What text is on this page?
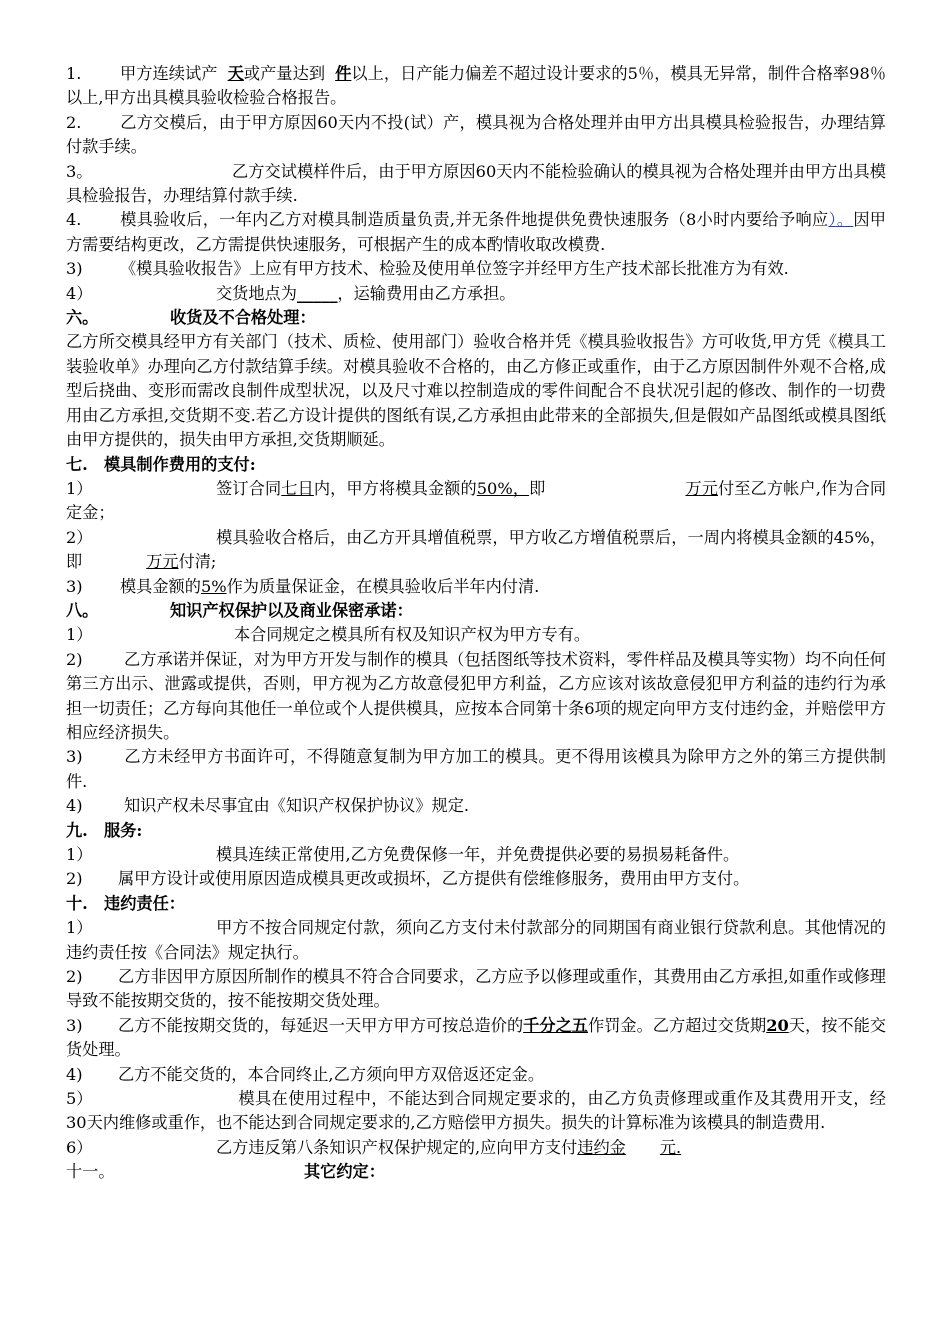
1. 甲方连续试产 天或产量达到 件以上，日产能力偏差不超过设计要求的5％，模具无异常，制件合格率98％以上,甲方出具模具验收检验合格报告。

2. 乙方交模后，由于甲方原因60天内不投(试）产，模具视为合格处理并由甲方出具模具检验报告，办理结算付款手续。

3。	乙方交试模样件后，由于甲方原因60天内不能检验确认的模具视为合格处理并由甲方出具模具检验报告，办理结算付款手续.

4. 模具验收后，一年内乙方对模具制造质量负责,并无条件地提供免费快速服务（8小时内要给予响应）。因甲方需要结构更改，乙方需提供快速服务，可根据产生的成本酌情收取改模费.

3) 《模具验收报告》上应有甲方技术、检验及使用单位签字并经甲方生产技术部长批准方为有效.

4）	交货地点为_____，运输费用由乙方承担。

六。	收货及不合格处理：

乙方所交模具经甲方有关部门（技术、质检、使用部门）验收合格并凭《模具验收报告》方可收货,甲方凭《模具工装验收单》办理向乙方付款结算手续。对模具验收不合格的，由乙方修正或重作，由于乙方原因制件外观不合格,成型后挠曲、变形而需改良制件成型状况，以及尺寸难以控制造成的零件间配合不良状况引起的修改、制作的一切费用由乙方承担,交货期不变.若乙方设计提供的图纸有误,乙方承担由此带来的全部损失,但是假如产品图纸或模具图纸由甲方提供的，损失由甲方承担,交货期顺延。

七.　模具制作费用的支付:

1）	签订合同七日内，甲方将模具金额的50%，即	万元付至乙方帐户,作为合同定金；

2）	模具验收合格后，由乙方开具增值税票，甲方收乙方增值税票后，一周内将模具金额的45%，即	万元付清;

3) 模具金额的5%作为质量保证金，在模具验收后半年内付清.

八。	知识产权保护以及商业保密承诺：

1）	本合同规定之模具所有权及知识产权为甲方专有。

2)	乙方承诺并保证，对为甲方开发与制作的模具（包括图纸等技术资料，零件样品及模具等实物）均不向任何第三方出示、泄露或提供，否则，甲方视为乙方故意侵犯甲方利益，乙方应该对该故意侵犯甲方利益的违约行为承担一切责任；乙方每向其他任一单位或个人提供模具，应按本合同第十条6项的规定向甲方支付违约金，并赔偿甲方相应经济损失。

3)	乙方未经甲方书面许可，不得随意复制为甲方加工的模具。更不得用该模具为除甲方之外的第三方提供制件.

4)	知识产权未尽事宜由《知识产权保护协议》规定.

九.　服务:

1）	模具连续正常使用,乙方免费保修一年，并免费提供必要的易损易耗备件。

2) 属甲方设计或使用原因造成模具更改或损坏，乙方提供有偿维修服务，费用由甲方支付。

十.　违约责任：

1）	甲方不按合同规定付款，须向乙方支付未付款部分的同期国有商业银行贷款利息。其他情况的违约责任按《合同法》规定执行。

2) 乙方非因甲方原因所制作的模具不符合合同要求，乙方应予以修理或重作，其费用由乙方承担,如重作或修理导致不能按期交货的，按不能按期交货处理。

3) 乙方不能按期交货的，每延迟一天甲方甲方可按总造价的千分之五作罚金。乙方超过交货期20天，按不能交货处理。

4) 乙方不能交货的，本合同终止,乙方须向甲方双倍返还定金。

5）	模具在使用过程中，不能达到合同规定要求的，由乙方负责修理或重作及其费用开支，经30天内维修或重作，也不能达到合同规定要求的,乙方赔偿甲方损失。损失的计算标准为该模具的制造费用.

6）	乙方违反第八条知识产权保护规定的,应向甲方支付违约金 元.

十一。	其它约定：
